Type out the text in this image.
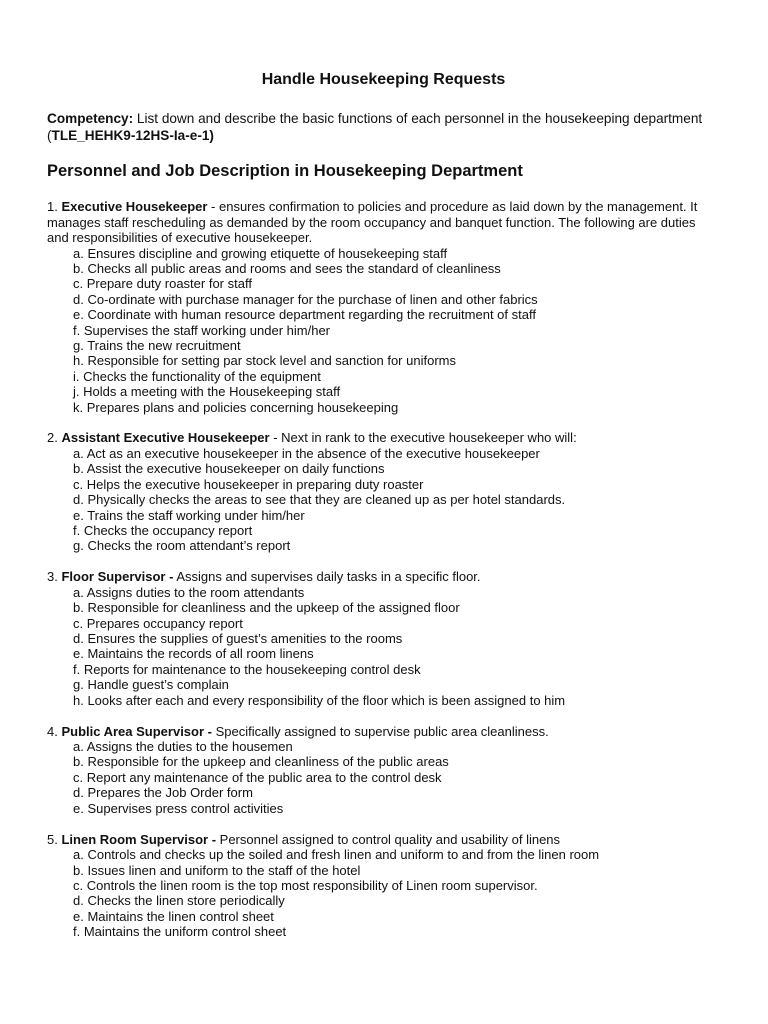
Handle Housekeeping Requests
Competency: List down and describe the basic functions of each personnel in the housekeeping department (TLE_HEHK9-12HS-Ia-e-1)
Personnel and Job Description in Housekeeping Department
1. Executive Housekeeper - ensures confirmation to policies and procedure as laid down by the management. It manages staff rescheduling as demanded by the room occupancy and banquet function. The following are duties and responsibilities of executive housekeeper.
a. Ensures discipline and growing etiquette of housekeeping staff
b. Checks all public areas and rooms and sees the standard of cleanliness
c. Prepare duty roaster for staff
d. Co-ordinate with purchase manager for the purchase of linen and other fabrics
e. Coordinate with human resource department regarding the recruitment of staff
f. Supervises the staff working under him/her
g. Trains the new recruitment
h. Responsible for setting par stock level and sanction for uniforms
i. Checks the functionality of the equipment
j. Holds a meeting with the Housekeeping staff
k. Prepares plans and policies concerning housekeeping
2. Assistant Executive Housekeeper - Next in rank to the executive housekeeper who will:
a. Act as an executive housekeeper in the absence of the executive housekeeper
b. Assist the executive housekeeper on daily functions
c. Helps the executive housekeeper in preparing duty roaster
d. Physically checks the areas to see that they are cleaned up as per hotel standards.
e. Trains the staff working under him/her
f. Checks the occupancy report
g. Checks the room attendant’s report
3. Floor Supervisor - Assigns and supervises daily tasks in a specific floor.
a. Assigns duties to the room attendants
b. Responsible for cleanliness and the upkeep of the assigned floor
c. Prepares occupancy report
d. Ensures the supplies of guest’s amenities to the rooms
e. Maintains the records of all room linens
f. Reports for maintenance to the housekeeping control desk
g. Handle guest’s complain
h. Looks after each and every responsibility of the floor which is been assigned to him
4. Public Area Supervisor - Specifically assigned to supervise public area cleanliness.
a. Assigns the duties to the housemen
b. Responsible for the upkeep and cleanliness of the public areas
c. Report any maintenance of the public area to the control desk
d. Prepares the Job Order form
e. Supervises press control activities
5. Linen Room Supervisor - Personnel assigned to control quality and usability of linens
a. Controls and checks up the soiled and fresh linen and uniform to and from the linen room
b. Issues linen and uniform to the staff of the hotel
c. Controls the linen room is the top most responsibility of Linen room supervisor.
d. Checks the linen store periodically
e. Maintains the linen control sheet
f. Maintains the uniform control sheet
